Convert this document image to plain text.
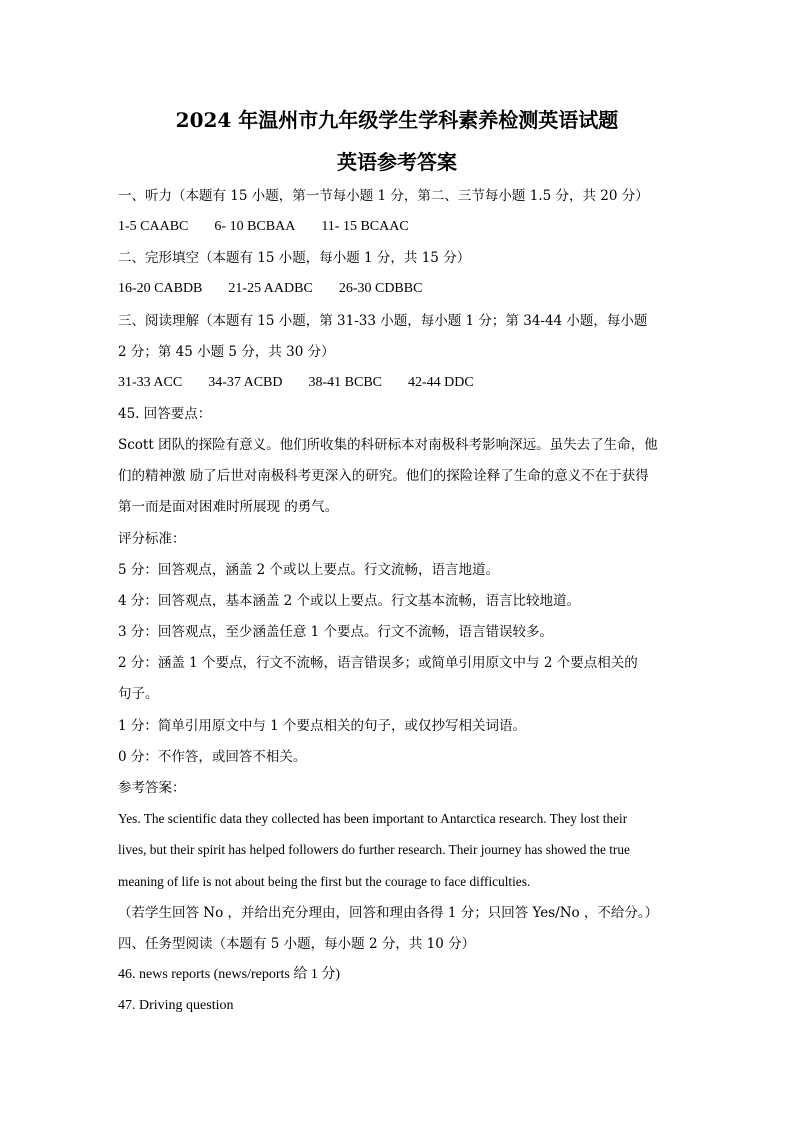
2024 年温州市九年级学生学科素养检测英语试题
英语参考答案
一、听力（本题有 15 小题，第一节每小题 1 分，第二、三节每小题 1.5 分，共 20 分）
1-5 CAABC 6- 10 BCBAA 11- 15 BCAAC
二、完形填空（本题有 15 小题，每小题 1 分，共 15 分）
16-20 CABDB 21-25 AADBC 26-30 CDBBC
三、阅读理解（本题有 15 小题，第 31-33 小题，每小题 1 分；第 34-44 小题，每小题
2 分；第 45 小题 5 分，共 30 分）
31-33 ACC 34-37 ACBD 38-41 BCBC 42-44 DDC
45. 回答要点：
Scott 团队的探险有意义。他们所收集的科研标本对南极科考影响深远。虽失去了生命，他
们的精神激 励了后世对南极科考更深入的研究。他们的探险诠释了生命的意义不在于获得
第一而是面对困难时所展现 的勇气。
评分标准：
5 分：回答观点，涵盖 2 个或以上要点。行文流畅，语言地道。
4 分：回答观点，基本涵盖 2 个或以上要点。行文基本流畅，语言比较地道。
3 分：回答观点，至少涵盖任意 1 个要点。行文不流畅，语言错误较多。
2 分：涵盖 1 个要点，行文不流畅，语言错误多；或简单引用原文中与 2 个要点相关的
句子。
1 分：简单引用原文中与 1 个要点相关的句子，或仅抄写相关词语。
0 分：不作答，或回答不相关。
参考答案：
Yes. The scientific data they collected has been important to Antarctica research. They lost their
lives, but their spirit has helped followers do further research. Their journey has showed the true
meaning of life is not about being the first but the courage to face difficulties.
（若学生回答 No ，并给出充分理由，回答和理由各得 1 分；只回答 Yes/No ，不给分。）
四、任务型阅读（本题有 5 小题，每小题 2 分，共 10 分）
46. news reports (news/reports 给 1 分)
47. Driving question
